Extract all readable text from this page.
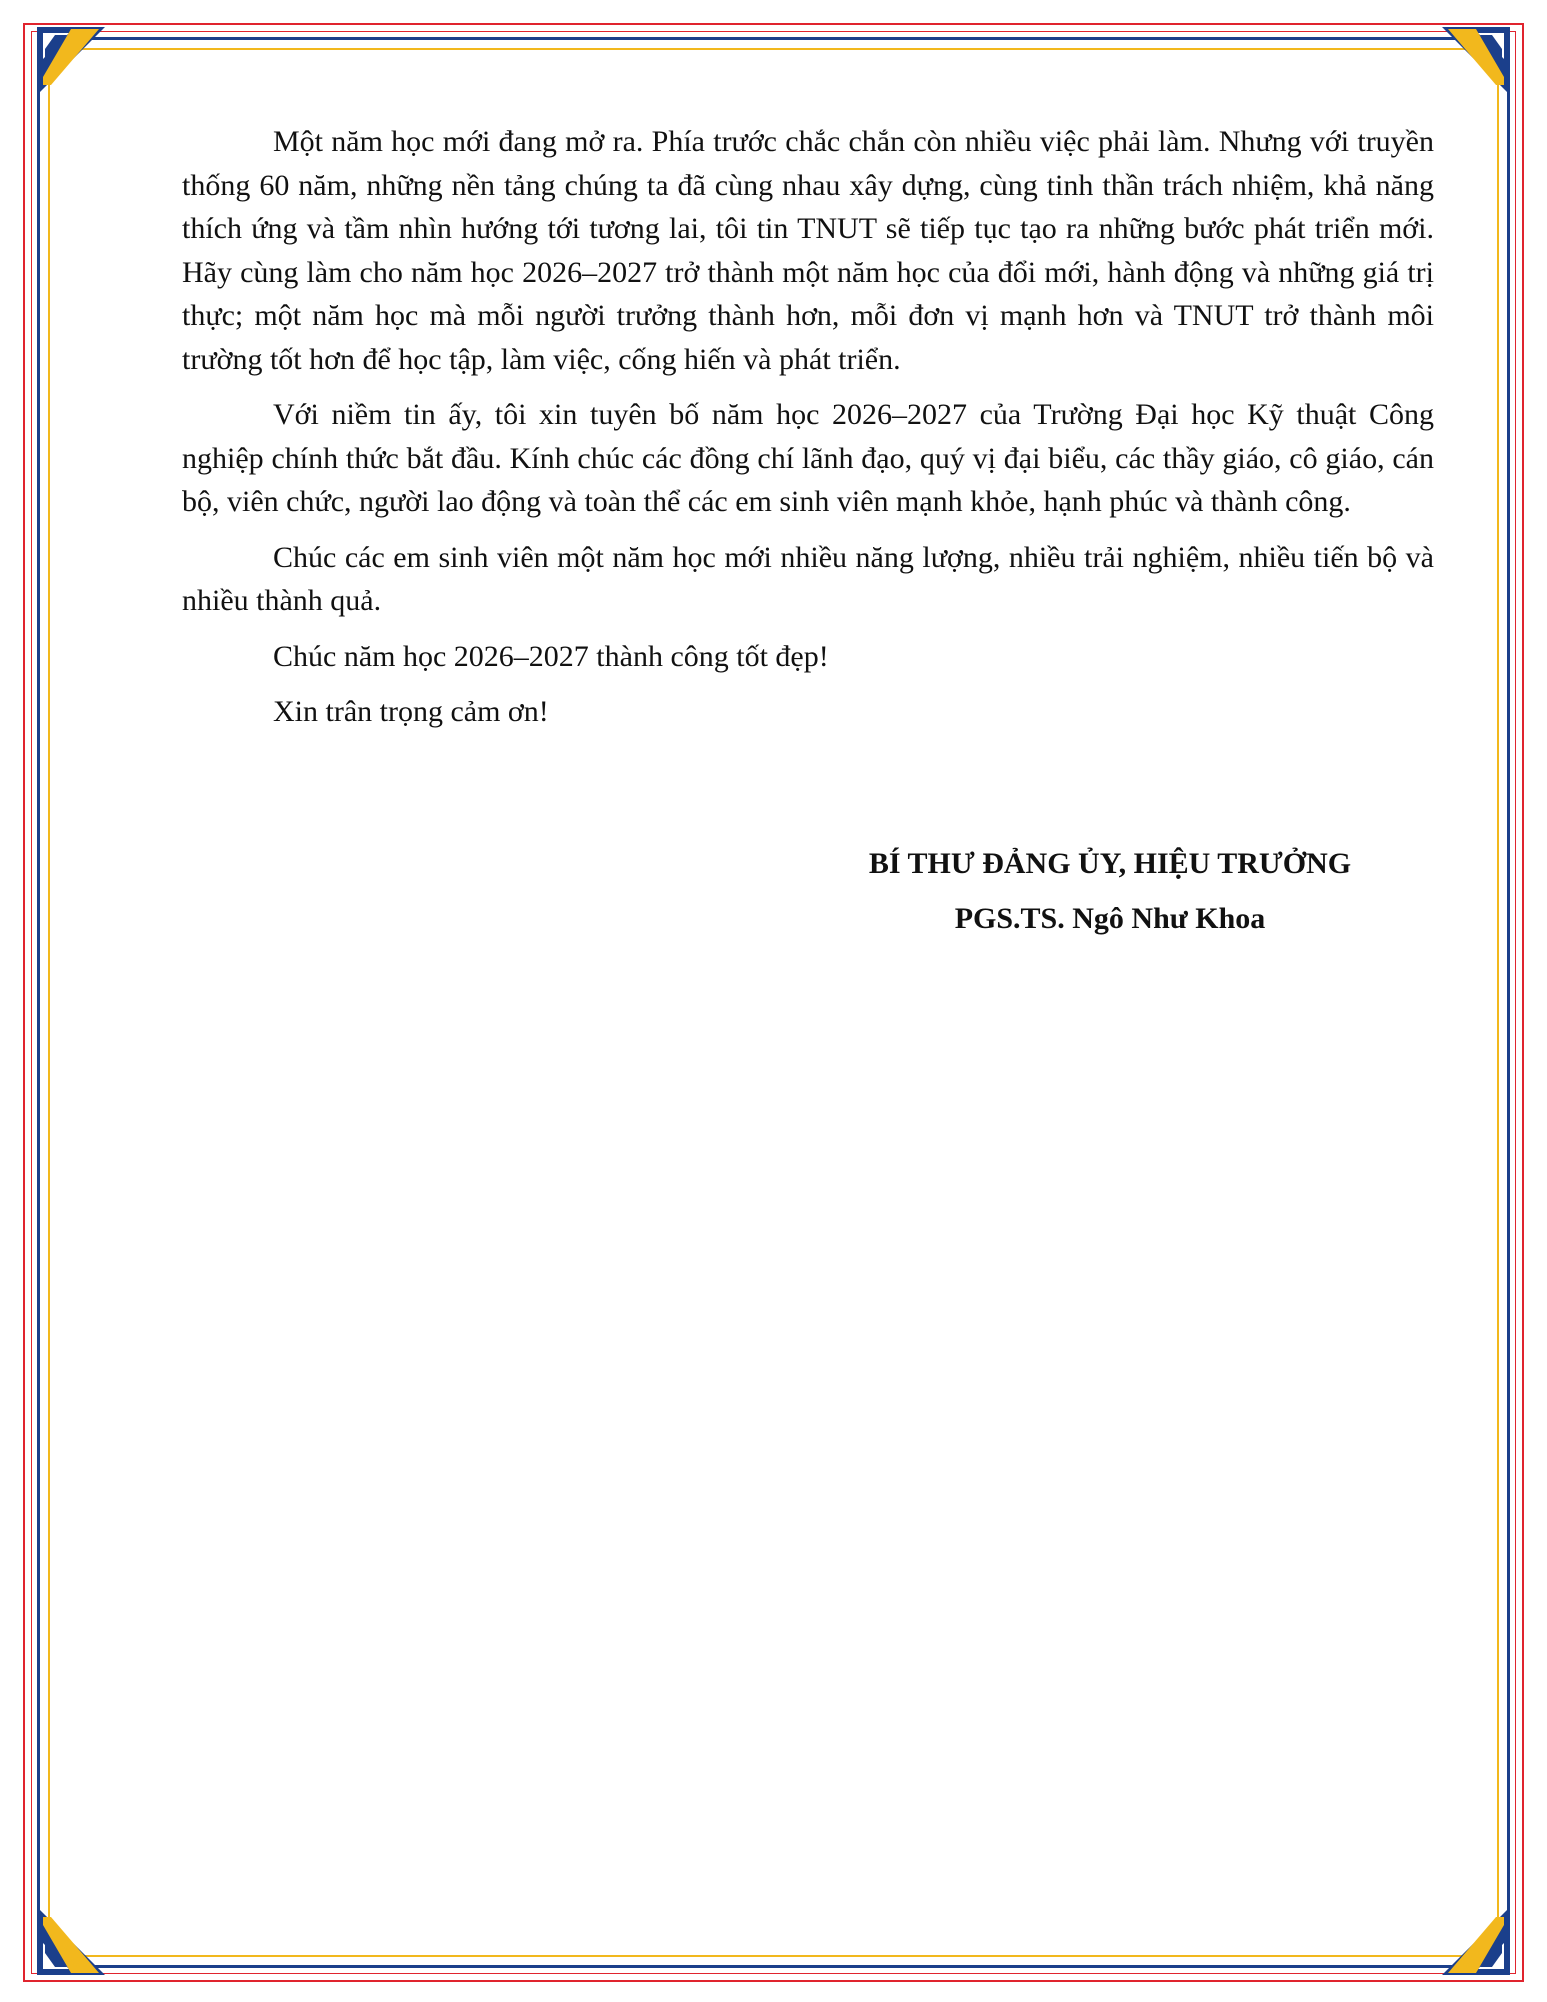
Một năm học mới đang mở ra. Phía trước chắc chắn còn nhiều việc phải làm. Nhưng với truyền thống 60 năm, những nền tảng chúng ta đã cùng nhau xây dựng, cùng tinh thần trách nhiệm, khả năng thích ứng và tầm nhìn hướng tới tương lai, tôi tin TNUT sẽ tiếp tục tạo ra những bước phát triển mới. Hãy cùng làm cho năm học 2026–2027 trở thành một năm học của đổi mới, hành động và những giá trị thực; một năm học mà mỗi người trưởng thành hơn, mỗi đơn vị mạnh hơn và TNUT trở thành môi trường tốt hơn để học tập, làm việc, cống hiến và phát triển.

Với niềm tin ấy, tôi xin tuyên bố năm học 2026–2027 của Trường Đại học Kỹ thuật Công nghiệp chính thức bắt đầu. Kính chúc các đồng chí lãnh đạo, quý vị đại biểu, các thầy giáo, cô giáo, cán bộ, viên chức, người lao động và toàn thể các em sinh viên mạnh khỏe, hạnh phúc và thành công.

Chúc các em sinh viên một năm học mới nhiều năng lượng, nhiều trải nghiệm, nhiều tiến bộ và nhiều thành quả.

Chúc năm học 2026–2027 thành công tốt đẹp!

Xin trân trọng cảm ơn!

BÍ THƯ ĐẢNG ỦY, HIỆU TRƯỞNG
PGS.TS. Ngô Như Khoa
